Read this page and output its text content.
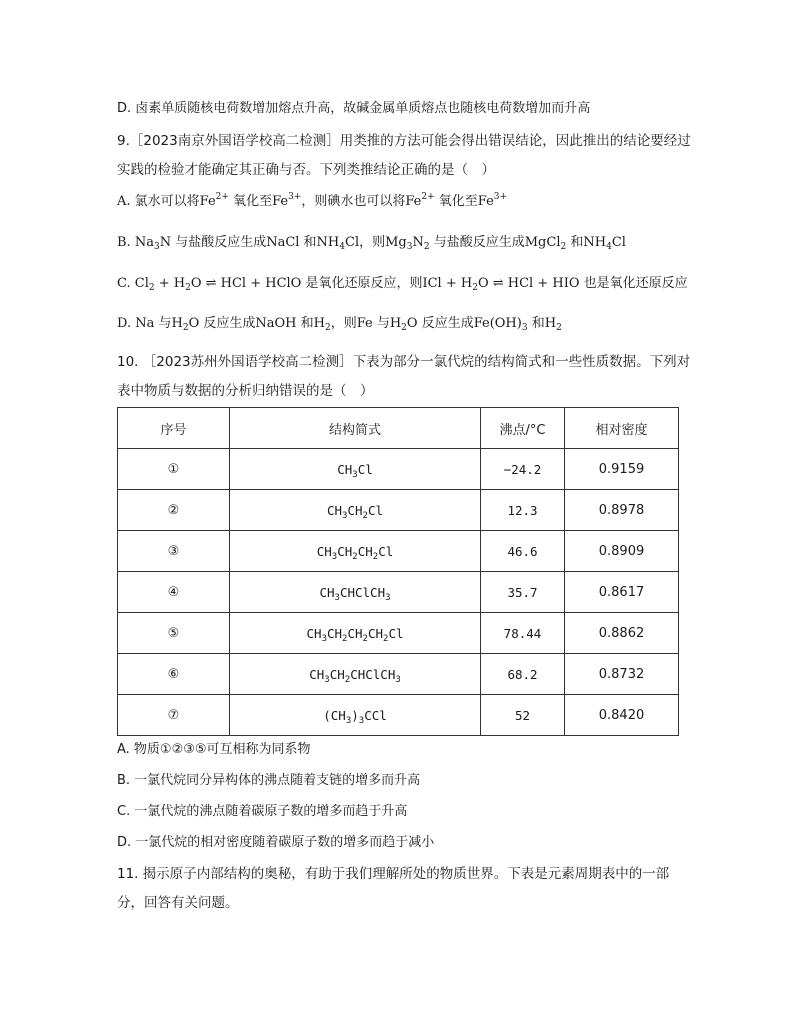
D. 卤素单质随核电荷数增加熔点升高，故碱金属单质熔点也随核电荷数增加而升高
9.［2023南京外国语学校高二检测］用类推的方法可能会得出错误结论，因此推出的结论要经过
实践的检验才能确定其正确与否。下列类推结论正确的是（　）
A. 氯水可以将$Fe^{2+}$ 氧化至$Fe^{3+}$，则碘水也可以将$Fe^{2+}$ 氧化至$Fe^{3+}$
B. $Na_3N$ 与盐酸反应生成NaCl 和$NH_4Cl$，则$Mg_3N_2$ 与盐酸反应生成MgCl$_2$ 和$NH_4Cl$
C. $Cl_2 + H_2O$ ⇌ HCl + HClO 是氧化还原反应，则ICl + $H_2O$ ⇌ HCl + HIO 也是氧化还原反应
D. Na 与$H_2O$ 反应生成NaOH 和$H_2$，则Fe 与$H_2O$ 反应生成$Fe(OH)_3$ 和$H_2$
10. ［2023苏州外国语学校高二检测］下表为部分一氯代烷的结构简式和一些性质数据。下列对
表中物质与数据的分析归纳错误的是（　）
序号	结构简式	沸点/°C	相对密度
①	$CH_3Cl$	−24.2	0.9159
②	$CH_3CH_2Cl$	12.3	0.8978
③	$CH_3CH_2CH_2Cl$	46.6	0.8909
④	$CH_3CHClCH_3$	35.7	0.8617
⑤	$CH_3CH_2CH_2CH_2Cl$	78.44	0.8862
⑥	$CH_3CH_2CHClCH_3$	68.2	0.8732
⑦	$(CH_3)_3CCl$	52	0.8420
A. 物质①②③⑤可互相称为同系物
B. 一氯代烷同分异构体的沸点随着支链的增多而升高
C. 一氯代烷的沸点随着碳原子数的增多而趋于升高
D. 一氯代烷的相对密度随着碳原子数的增多而趋于减小
11. 揭示原子内部结构的奥秘，有助于我们理解所处的物质世界。下表是元素周期表中的一部
分，回答有关问题。
